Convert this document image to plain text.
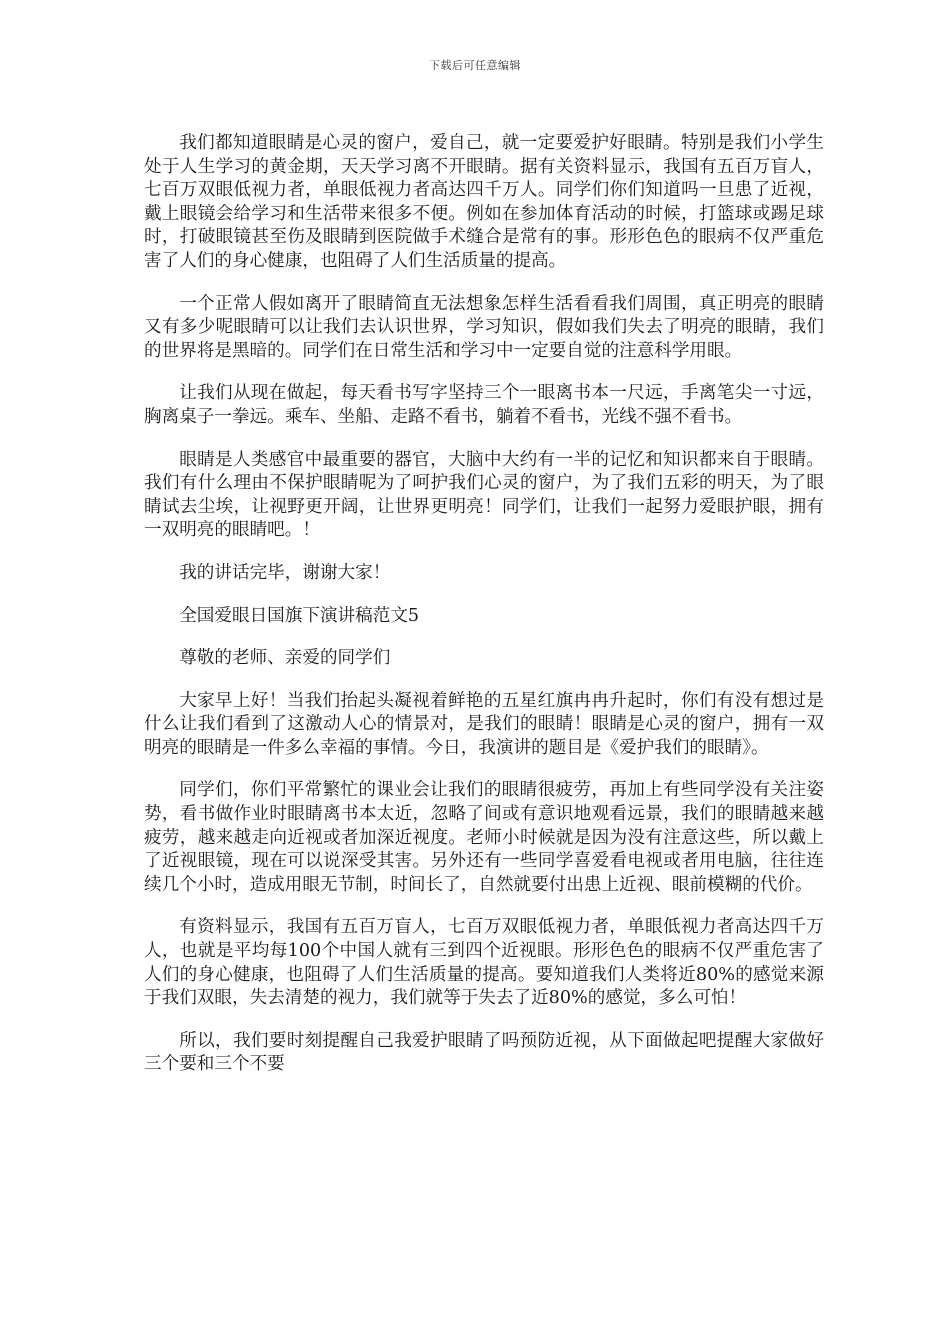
下载后可任意编辑

我们都知道眼睛是心灵的窗户，爱自己，就一定要爱护好眼睛。特别是我们小学生处于人生学习的黄金期，天天学习离不开眼睛。据有关资料显示，我国有五百万盲人，七百万双眼低视力者，单眼低视力者高达四千万人。同学们你们知道吗一旦患了近视，戴上眼镜会给学习和生活带来很多不便。例如在参加体育活动的时候，打篮球或踢足球时，打破眼镜甚至伤及眼睛到医院做手术缝合是常有的事。形形色色的眼病不仅严重危害了人们的身心健康，也阻碍了人们生活质量的提高。

一个正常人假如离开了眼睛简直无法想象怎样生活看看我们周围，真正明亮的眼睛又有多少呢眼睛可以让我们去认识世界，学习知识，假如我们失去了明亮的眼睛，我们的世界将是黑暗的。同学们在日常生活和学习中一定要自觉的注意科学用眼。

让我们从现在做起，每天看书写字坚持三个一眼离书本一尺远，手离笔尖一寸远，胸离桌子一拳远。乘车、坐船、走路不看书，躺着不看书，光线不强不看书。

眼睛是人类感官中最重要的器官，大脑中大约有一半的记忆和知识都来自于眼睛。我们有什么理由不保护眼睛呢为了呵护我们心灵的窗户，为了我们五彩的明天，为了眼睛试去尘埃，让视野更开阔，让世界更明亮！同学们，让我们一起努力爱眼护眼，拥有一双明亮的眼睛吧。！

我的讲话完毕，谢谢大家！

全国爱眼日国旗下演讲稿范文5

尊敬的老师、亲爱的同学们

大家早上好！当我们抬起头凝视着鲜艳的五星红旗冉冉升起时，你们有没有想过是什么让我们看到了这激动人心的情景对，是我们的眼睛！眼睛是心灵的窗户，拥有一双明亮的眼睛是一件多么幸福的事情。今日，我演讲的题目是《爱护我们的眼睛》。

同学们，你们平常繁忙的课业会让我们的眼睛很疲劳，再加上有些同学没有关注姿势，看书做作业时眼睛离书本太近，忽略了间或有意识地观看远景，我们的眼睛越来越疲劳，越来越走向近视或者加深近视度。老师小时候就是因为没有注意这些，所以戴上了近视眼镜，现在可以说深受其害。另外还有一些同学喜爱看电视或者用电脑，往往连续几个小时，造成用眼无节制，时间长了，自然就要付出患上近视、眼前模糊的代价。

有资料显示，我国有五百万盲人，七百万双眼低视力者，单眼低视力者高达四千万人，也就是平均每100个中国人就有三到四个近视眼。形形色色的眼病不仅严重危害了人们的身心健康，也阻碍了人们生活质量的提高。要知道我们人类将近80%的感觉来源于我们双眼，失去清楚的视力，我们就等于失去了近80%的感觉，多么可怕！

所以，我们要时刻提醒自己我爱护眼睛了吗预防近视，从下面做起吧提醒大家做好三个要和三个不要
